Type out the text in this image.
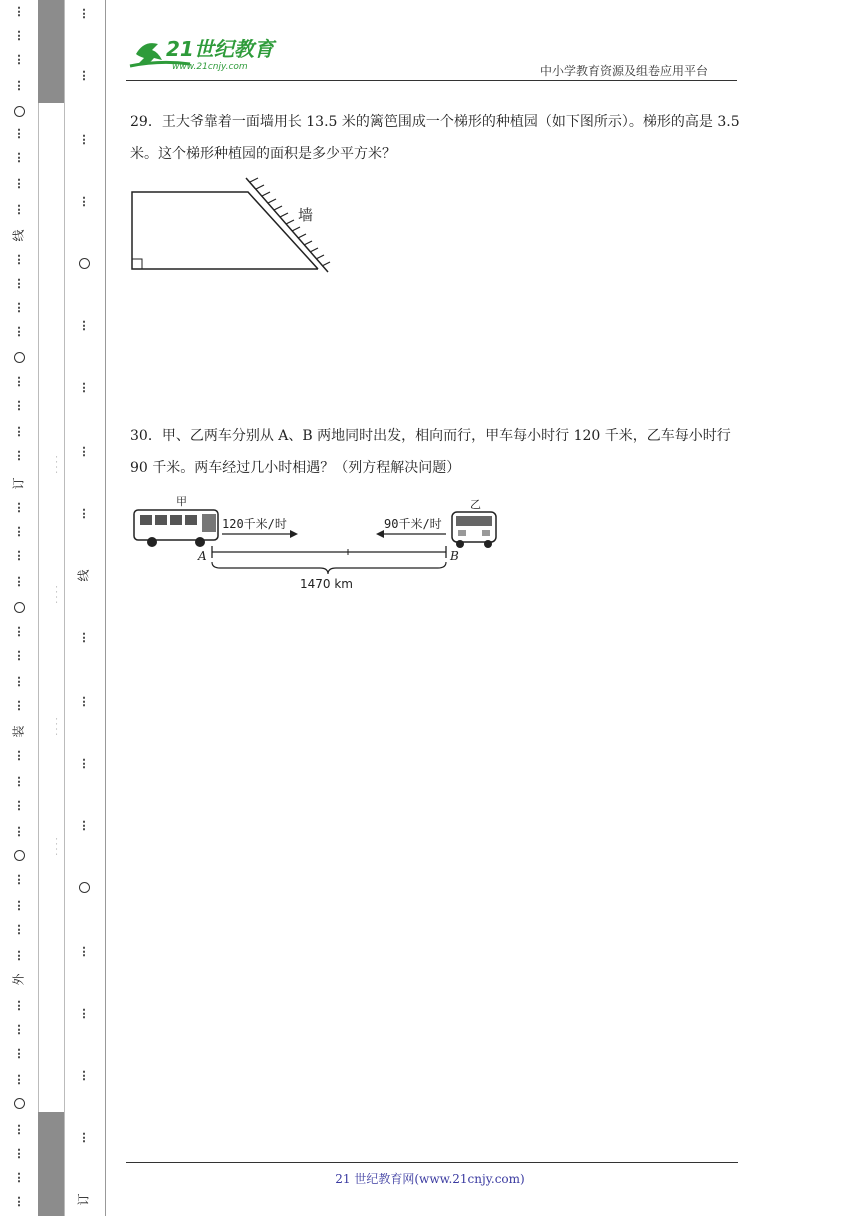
⋮
⋮
⋮
⋮
⋮
⋮
⋮
⋮
线
⋮
⋮
⋮
⋮
⋮
⋮
⋮
⋮
订
⋮
⋮
⋮
⋮
⋮
⋮
⋮
⋮
装
⋮
⋮
⋮
⋮
⋮
⋮
⋮
⋮
外
⋮
⋮
⋮
⋮
⋮
⋮
⋮
⋮
· · · ·
· · · ·
· · · ·
· · · ·
⋮
⋮
⋮
⋮
⋮
⋮
⋮
⋮
线
⋮
⋮
⋮
⋮
⋮
⋮
⋮
⋮
订
21世纪教育
www.21cnjy.com	中小学教育资源及组卷应用平台
29．王大爷靠着一面墙用长 13.5 米的篱笆围成一个梯形的种植园（如下图所示）。梯形的高是 3.5 米。这个梯形种植园的面积是多少平方米？
墙
30．甲、乙两车分别从 A、B 两地同时出发，相向而行，甲车每小时行 120 千米，乙车每小时行 90 千米。两车经过几小时相遇？（列方程解决问题）
甲	乙
120千米/时	90千米/时
A	B
1470 km
21 世纪教育网(www.21cnjy.com)
